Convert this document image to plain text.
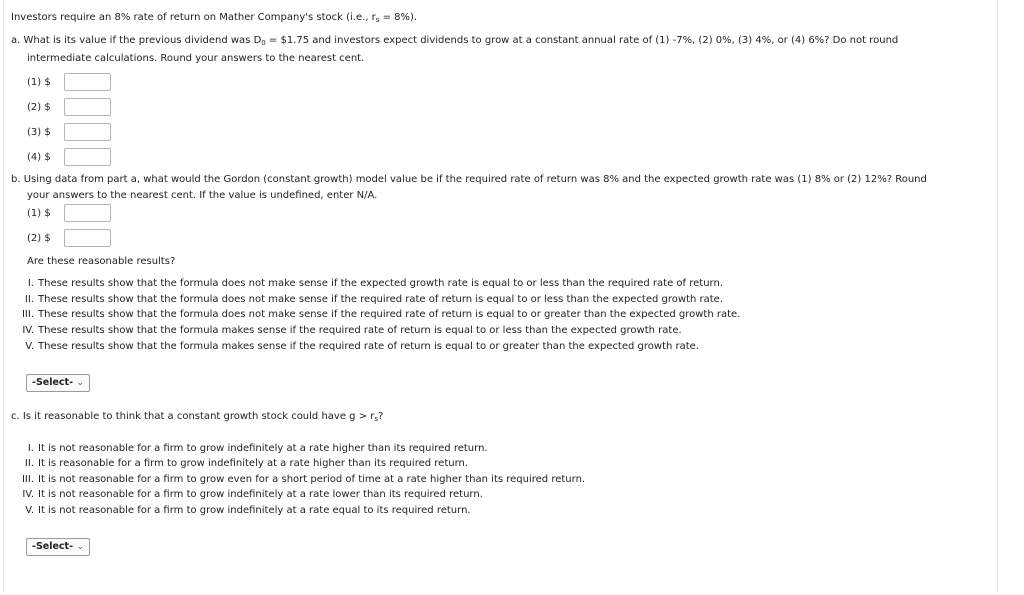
Investors require an 8% rate of return on Mather Company's stock (i.e., $r_s = 8\%$).
a. What is its value if the previous dividend was $D_0$ = $1.75 and investors expect dividends to grow at a constant annual rate of (1) -7%, (2) 0%, (3) 4%, or (4) 6%? Do not round
intermediate calculations. Round your answers to the nearest cent.
(1) $
(2) $
(3) $
(4) $
b. Using data from part a, what would the Gordon (constant growth) model value be if the required rate of return was 8% and the expected growth rate was (1) 8% or (2) 12%? Round
your answers to the nearest cent. If the value is undefined, enter N/A.
(1) $
(2) $
Are these reasonable results?
I. These results show that the formula does not make sense if the expected growth rate is equal to or less than the required rate of return.
II. These results show that the formula does not make sense if the required rate of return is equal to or less than the expected growth rate.
III. These results show that the formula does not make sense if the required rate of return is equal to or greater than the expected growth rate.
IV. These results show that the formula makes sense if the required rate of return is equal to or less than the expected growth rate.
V. These results show that the formula makes sense if the required rate of return is equal to or greater than the expected growth rate.
-Select- ⌄
c. Is it reasonable to think that a constant growth stock could have $g > r_s$?
I. It is not reasonable for a firm to grow indefinitely at a rate higher than its required return.
II. It is reasonable for a firm to grow indefinitely at a rate higher than its required return.
III. It is not reasonable for a firm to grow even for a short period of time at a rate higher than its required return.
IV. It is not reasonable for a firm to grow indefinitely at a rate lower than its required return.
V. It is not reasonable for a firm to grow indefinitely at a rate equal to its required return.
-Select- ⌄
